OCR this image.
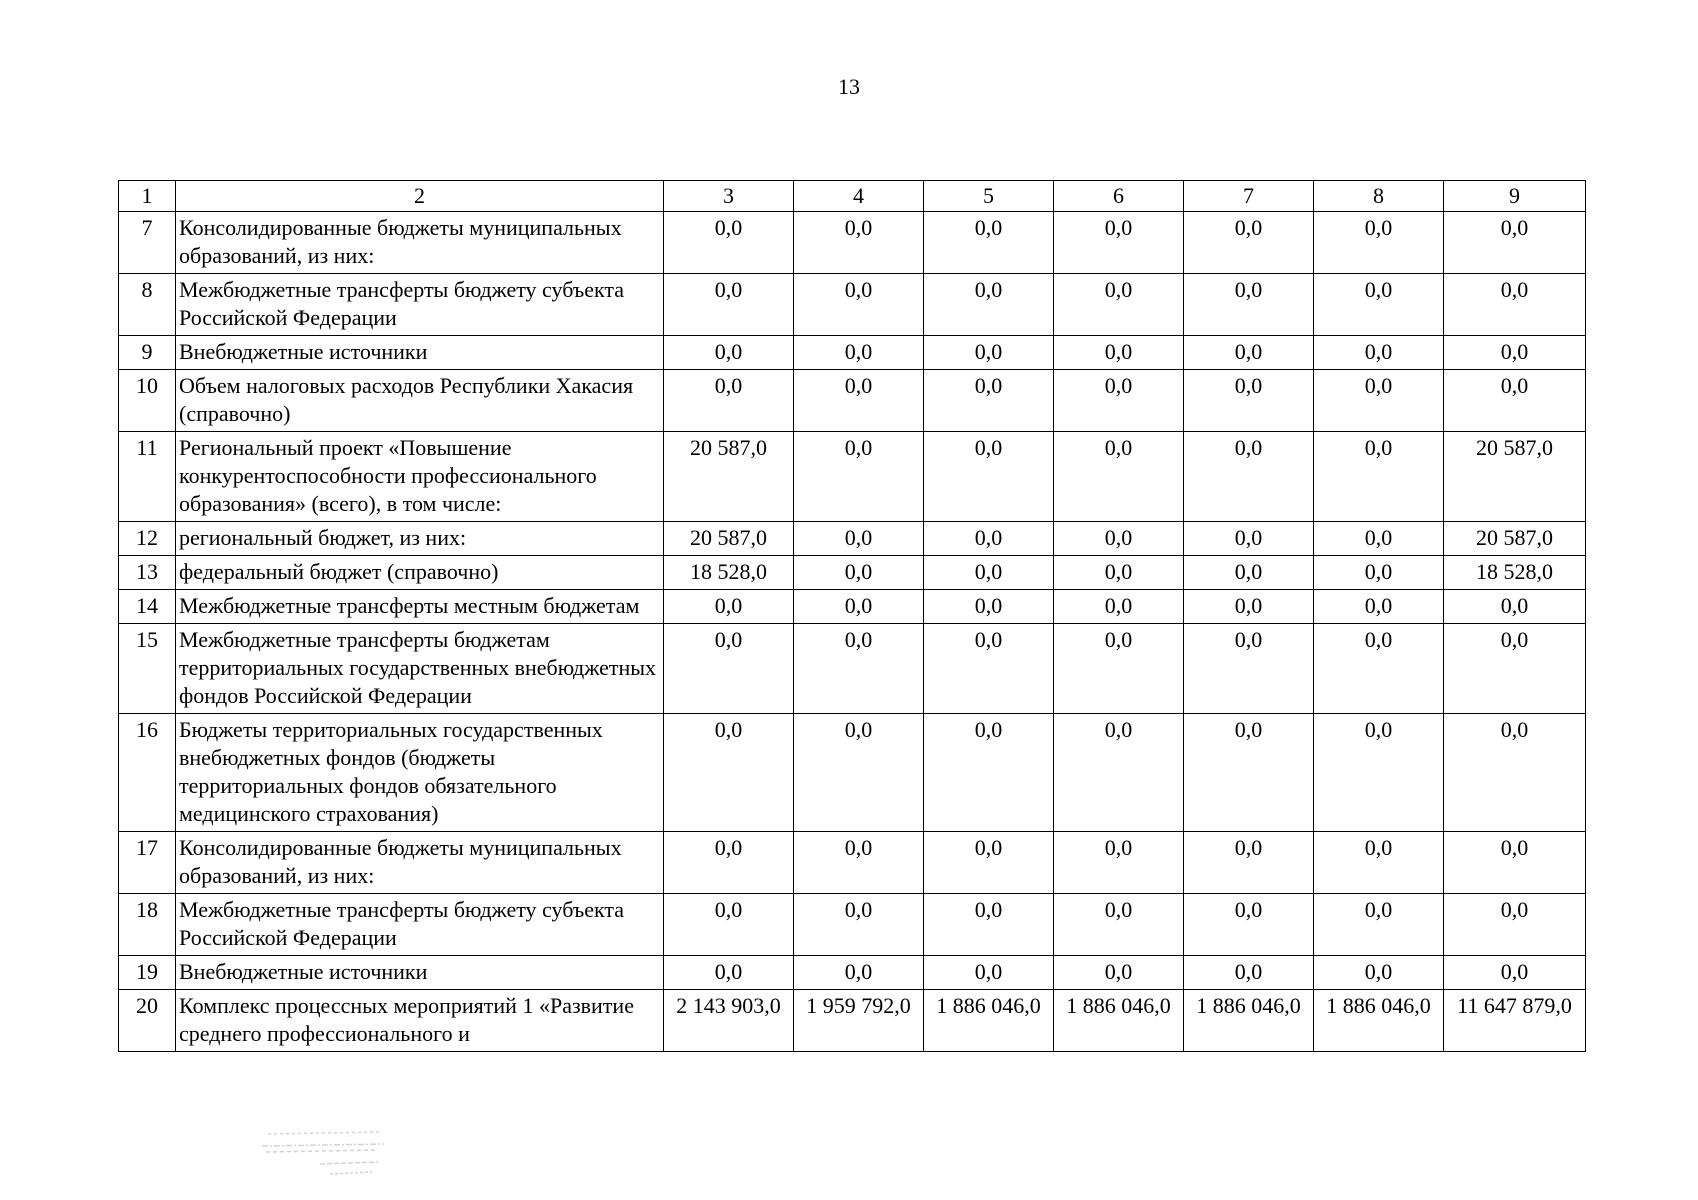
13
1	2	3	4	5	6	7	8	9
7	Консолидированные бюджеты муниципальных образований, из них:	0,0	0,0	0,0	0,0	0,0	0,0	0,0
8	Межбюджетные трансферты бюджету субъекта Российской Федерации	0,0	0,0	0,0	0,0	0,0	0,0	0,0
9	Внебюджетные источники	0,0	0,0	0,0	0,0	0,0	0,0	0,0
10	Объем налоговых расходов Республики Хакасия (справочно)	0,0	0,0	0,0	0,0	0,0	0,0	0,0
11	Региональный проект «Повышение конкурентоспособности профессионального образования» (всего), в том числе:	20 587,0	0,0	0,0	0,0	0,0	0,0	20 587,0
12	региональный бюджет, из них:	20 587,0	0,0	0,0	0,0	0,0	0,0	20 587,0
13	федеральный бюджет (справочно)	18 528,0	0,0	0,0	0,0	0,0	0,0	18 528,0
14	Межбюджетные трансферты местным бюджетам	0,0	0,0	0,0	0,0	0,0	0,0	0,0
15	Межбюджетные трансферты бюджетам территориальных государственных внебюджетных фондов Российской Федерации	0,0	0,0	0,0	0,0	0,0	0,0	0,0
16	Бюджеты территориальных государственных внебюджетных фондов (бюджеты территориальных фондов обязательного медицинского страхования)	0,0	0,0	0,0	0,0	0,0	0,0	0,0
17	Консолидированные бюджеты муниципальных образований, из них:	0,0	0,0	0,0	0,0	0,0	0,0	0,0
18	Межбюджетные трансферты бюджету субъекта Российской Федерации	0,0	0,0	0,0	0,0	0,0	0,0	0,0
19	Внебюджетные источники	0,0	0,0	0,0	0,0	0,0	0,0	0,0
20	Комплекс процессных мероприятий 1 «Развитие среднего профессионального и	2 143 903,0	1 959 792,0	1 886 046,0	1 886 046,0	1 886 046,0	1 886 046,0	11 647 879,0
